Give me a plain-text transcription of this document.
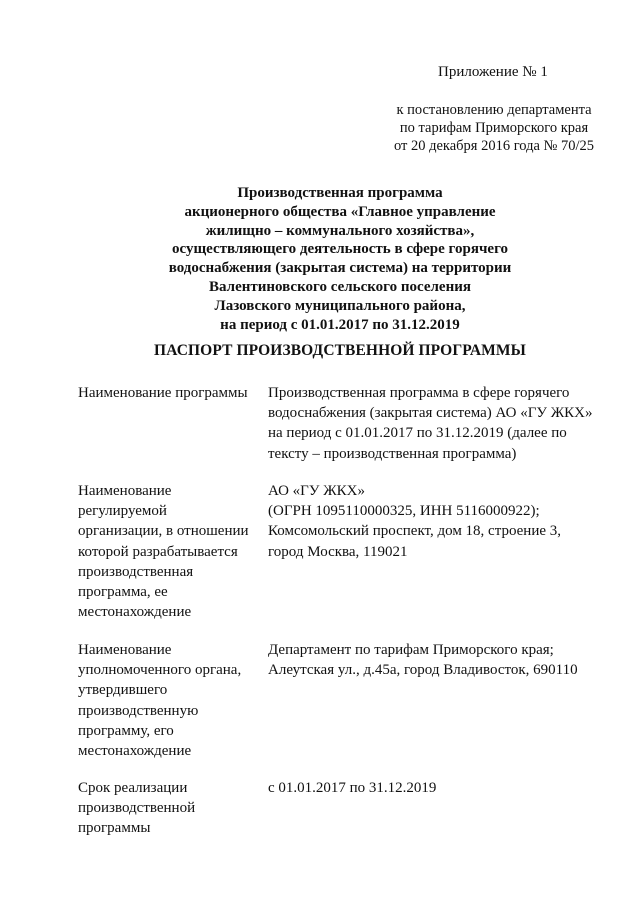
Приложение № 1
к постановлению департамента
по тарифам Приморского края
от 20 декабря 2016 года № 70/25
Производственная программа
акционерного общества «Главное управление
жилищно – коммунального хозяйства»,
осуществляющего деятельность в сфере горячего
водоснабжения (закрытая система) на территории
Валентиновского сельского поселения
Лазовского муниципального района,
на период с 01.01.2017 по 31.12.2019
ПАСПОРТ ПРОИЗВОДСТВЕННОЙ ПРОГРАММЫ
Наименование программы	Производственная программа в сфере горячего
водоснабжения (закрытая система) АО «ГУ ЖКХ»
на период с 01.01.2017 по 31.12.2019 (далее по
тексту – производственная программа)
Наименование
регулируемой
организации, в отношении
которой разрабатывается
производственная
программа, ее
местонахождение
АО «ГУ ЖКХ»
(ОГРН 1095110000325, ИНН 5116000922);
Комсомольский проспект, дом 18, строение 3,
город Москва, 119021
Наименование
уполномоченного органа,
утвердившего
производственную
программу, его
местонахождение
Департамент по тарифам Приморского края;
Алеутская ул., д.45а, город Владивосток, 690110
Срок реализации
производственной
программы
с 01.01.2017 по 31.12.2019
